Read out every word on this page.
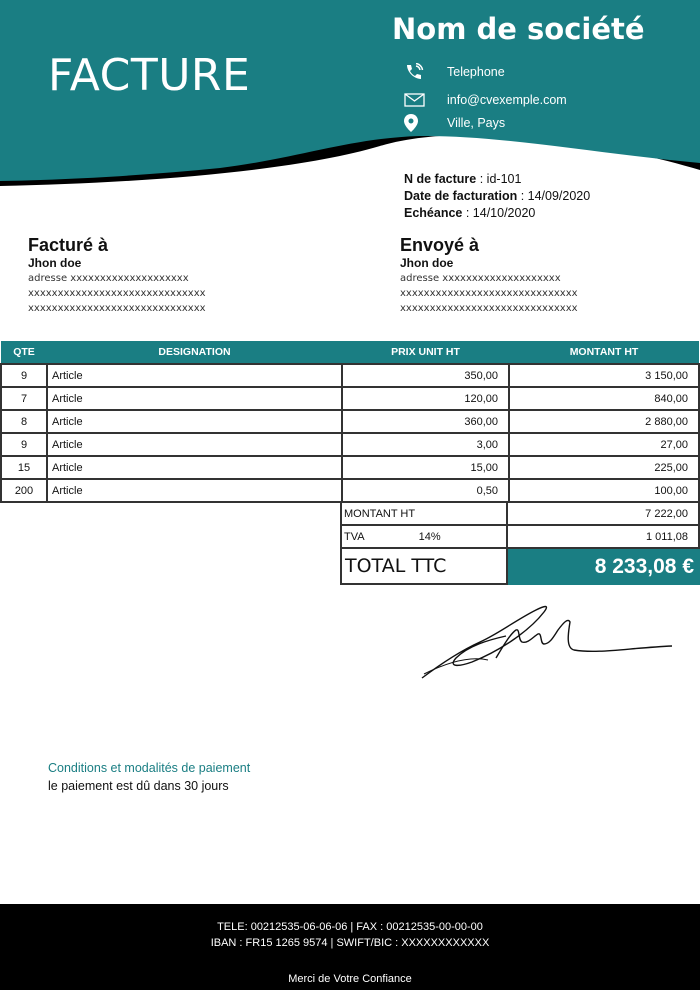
FACTURE
Nom de société
Telephone
info@cvexemple.com
Ville, Pays
N de facture : id-101
Date de facturation : 14/09/2020
Echéance : 14/10/2020
Facturé à
Jhon doe
adresse xxxxxxxxxxxxxxxxxxxx
xxxxxxxxxxxxxxxxxxxxxxxxxxxxxx
xxxxxxxxxxxxxxxxxxxxxxxxxxxxxx
Envoyé à
Jhon doe
adresse xxxxxxxxxxxxxxxxxxxx
xxxxxxxxxxxxxxxxxxxxxxxxxxxxxx
xxxxxxxxxxxxxxxxxxxxxxxxxxxxxx
QTE	DESIGNATION	PRIX UNIT HT	MONTANT HT
9	Article	350,00	3 150,00
7	Article	120,00	840,00
8	Article	360,00	2 880,00
9	Article	3,00	27,00
15	Article	15,00	225,00
200	Article	0,50	100,00
MONTANT HT	7 222,00
TVA	14%	1 011,08
TOTAL TTC	8 233,08 €
Conditions et modalités de paiement
le paiement est dû dans 30 jours
TELE: 00212535-06-06-06 | FAX : 00212535-00-00-00
IBAN : FR15 1265 9574 | SWIFT/BIC : XXXXXXXXXXXX
Merci de Votre Confiance
